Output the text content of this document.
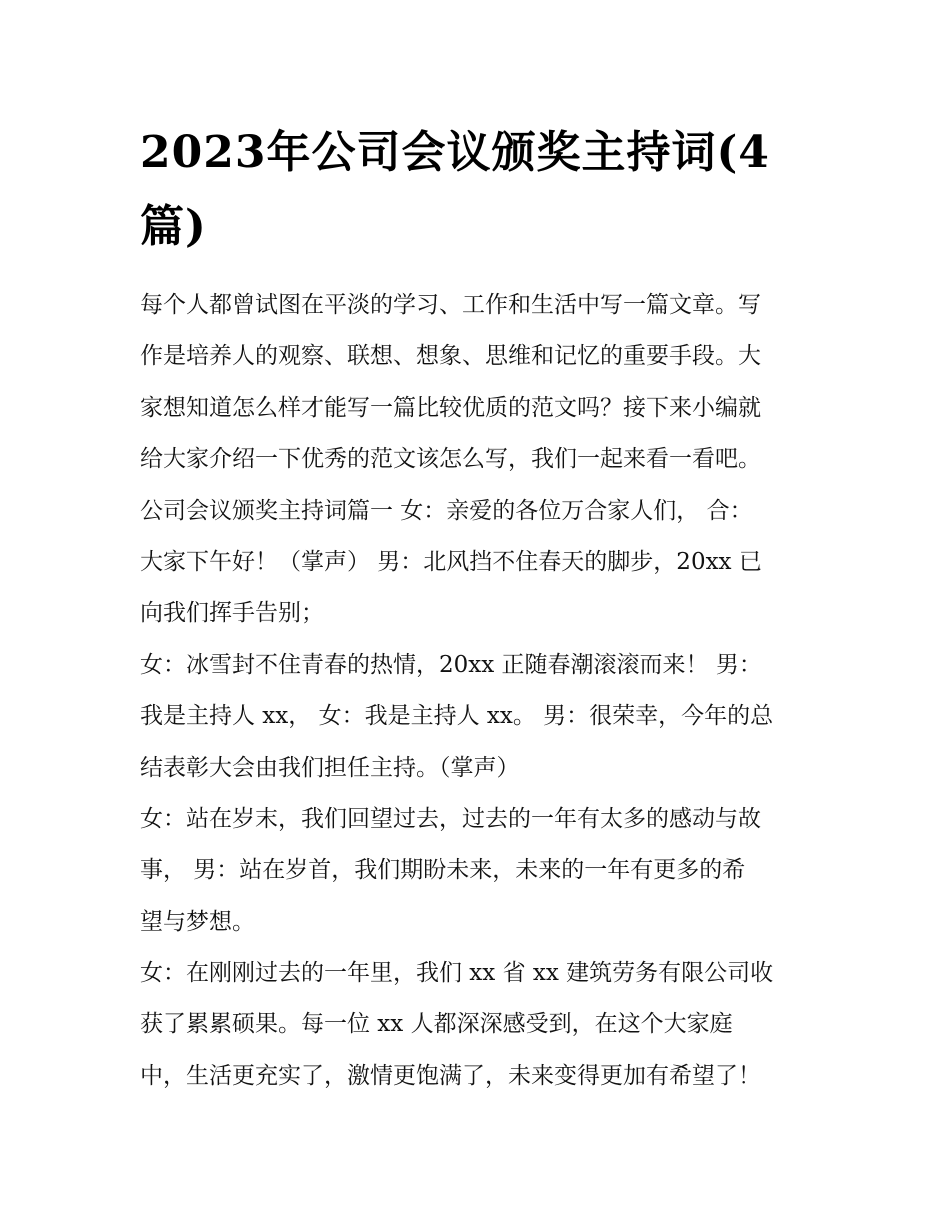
2023年公司会议颁奖主持词(4篇)
每个人都曾试图在平淡的学习、工作和生活中写一篇文章。写
作是培养人的观察、联想、想象、思维和记忆的重要手段。大
家想知道怎么样才能写一篇比较优质的范文吗？接下来小编就
给大家介绍一下优秀的范文该怎么写，我们一起来看一看吧。
公司会议颁奖主持词篇一 女：亲爱的各位万合家人们， 合：
大家下午好！（掌声） 男：北风挡不住春天的脚步，20xx 已
向我们挥手告别；
女：冰雪封不住青春的热情，20xx 正随春潮滚滚而来！ 男：
我是主持人 xx， 女：我是主持人 xx。 男：很荣幸，今年的总
结表彰大会由我们担任主持。（掌声）
女：站在岁末，我们回望过去，过去的一年有太多的感动与故
事， 男：站在岁首，我们期盼未来，未来的一年有更多的希
望与梦想。
女：在刚刚过去的一年里，我们 xx 省 xx 建筑劳务有限公司收
获了累累硕果。每一位 xx 人都深深感受到，在这个大家庭
中，生活更充实了，激情更饱满了，未来变得更加有希望了！
